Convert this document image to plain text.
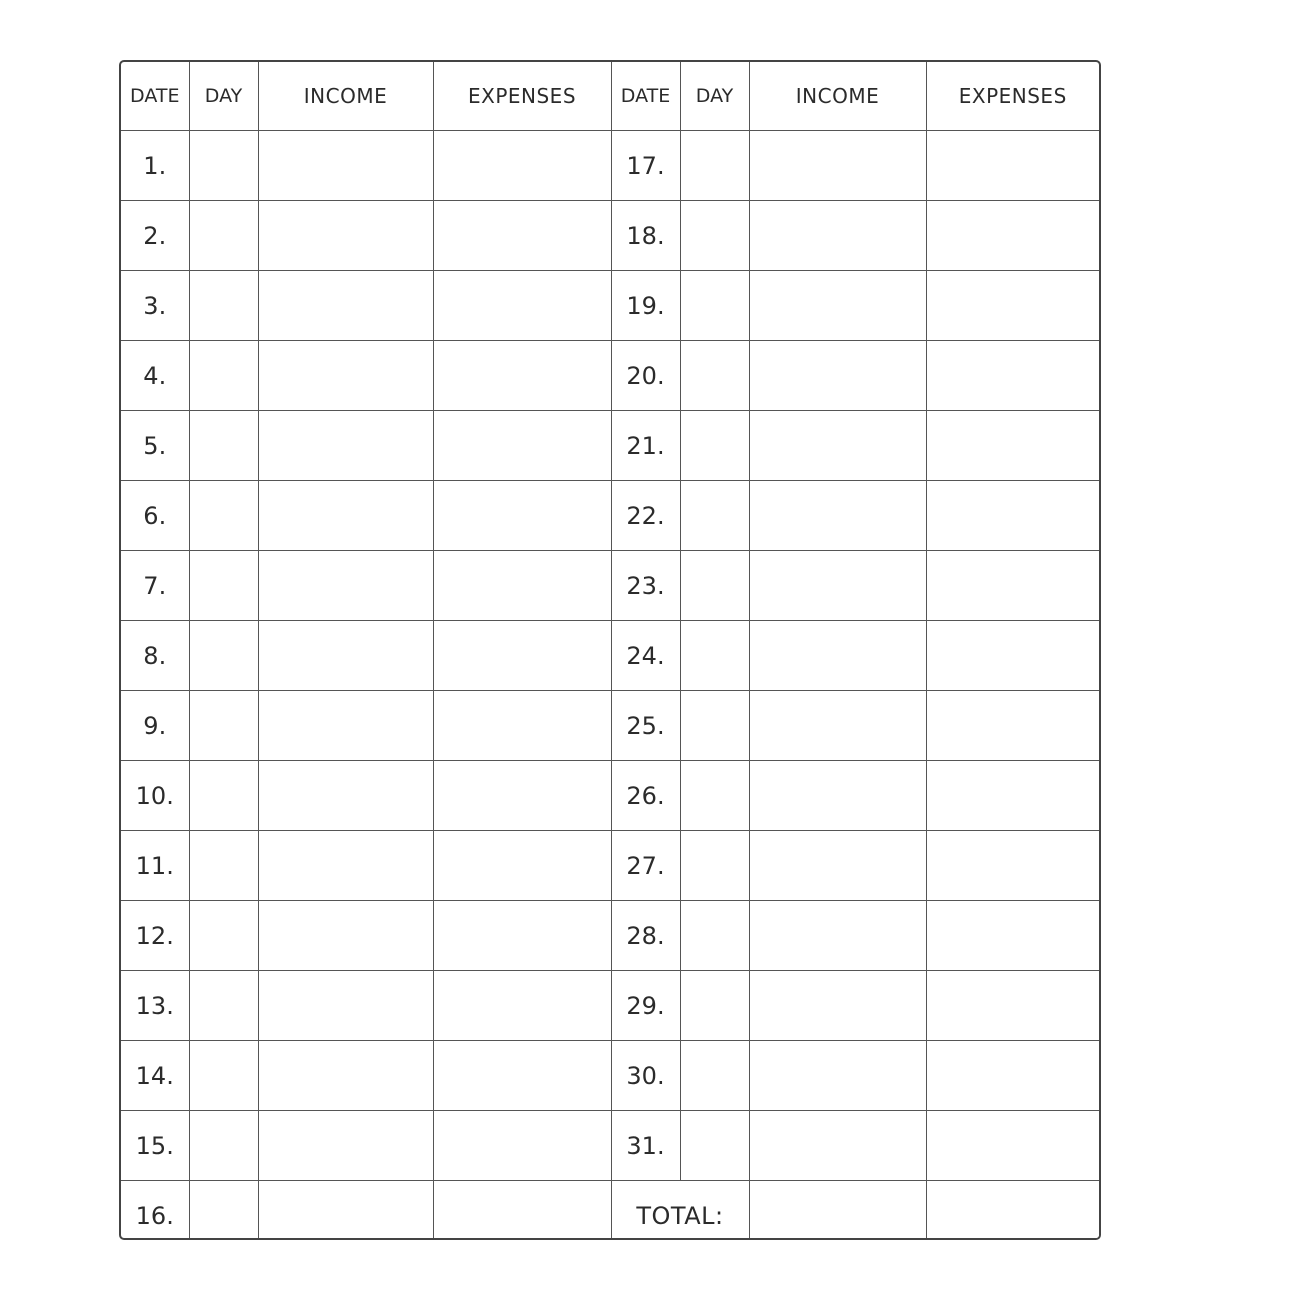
DATE	DAY	INCOME	EXPENSES	DATE	DAY	INCOME	EXPENSES
1.				17.			
2.				18.			
3.				19.			
4.				20.			
5.				21.			
6.				22.			
7.				23.			
8.				24.			
9.				25.			
10.				26.			
11.				27.			
12.				28.			
13.				29.			
14.				30.			
15.				31.			
16.				TOTAL:			
